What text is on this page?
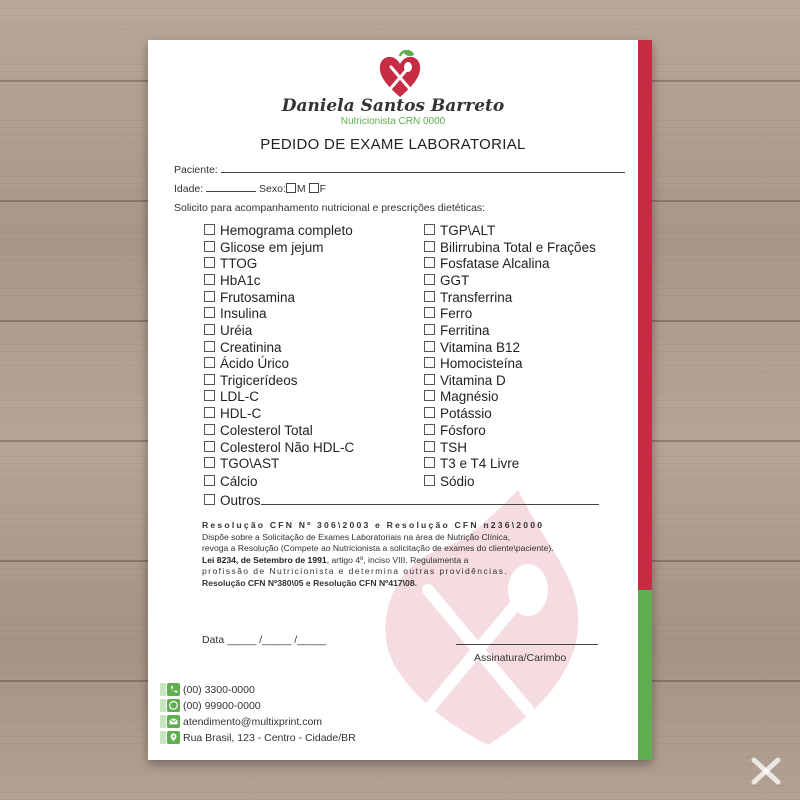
Daniela Santos Barreto
Nutricionista CRN 0000
PEDIDO DE EXAME LABORATORIAL
Paciente:
Idade:	Sexo: M F
Solicito para acompanhamento nutricional e prescrições dietéticas:
Hemograma completo
Glicose em jejum
TTOG
HbA1c
Frutosamina
Insulina
Uréia
Creatinina
Ácido Úrico
Trigicerídeos
LDL-C
HDL-C
Colesterol Total
Colesterol Não HDL-C
TGO\AST
Cálcio
Outros
TGP\ALT
Bilirrubina Total e Frações
Fosfatase Alcalina
GGT
Transferrina
Ferro
Ferritina
Vitamina B12
Homocisteína
Vitamina D
Magnésio
Potássio
Fósforo
TSH
T3 e T4 Livre
Sódio
Resolução CFN Nº 306\2003 e Resolução CFN n236\2000
Dispõe sobre a Solicitação de Exames Laboratoriais na área de Nutrição Clínica,
revoga a Resolução (Compete ao Nutricionista a solicitação de exames do cliente\paciente).
Lei 8234, de Setembro de 1991, artigo 4º, inciso VIII. Regulamenta a
profissão de Nutricionista e determina outras providências.
Resolução CFN Nº380\05 e Resolução CFN Nº417\08.
Data _____ /_____ /_____
Assinatura/Carimbo
(00) 3300-0000
(00) 99900-0000
atendimento@multixprint.com
Rua Brasil, 123 - Centro - Cidade/BR
